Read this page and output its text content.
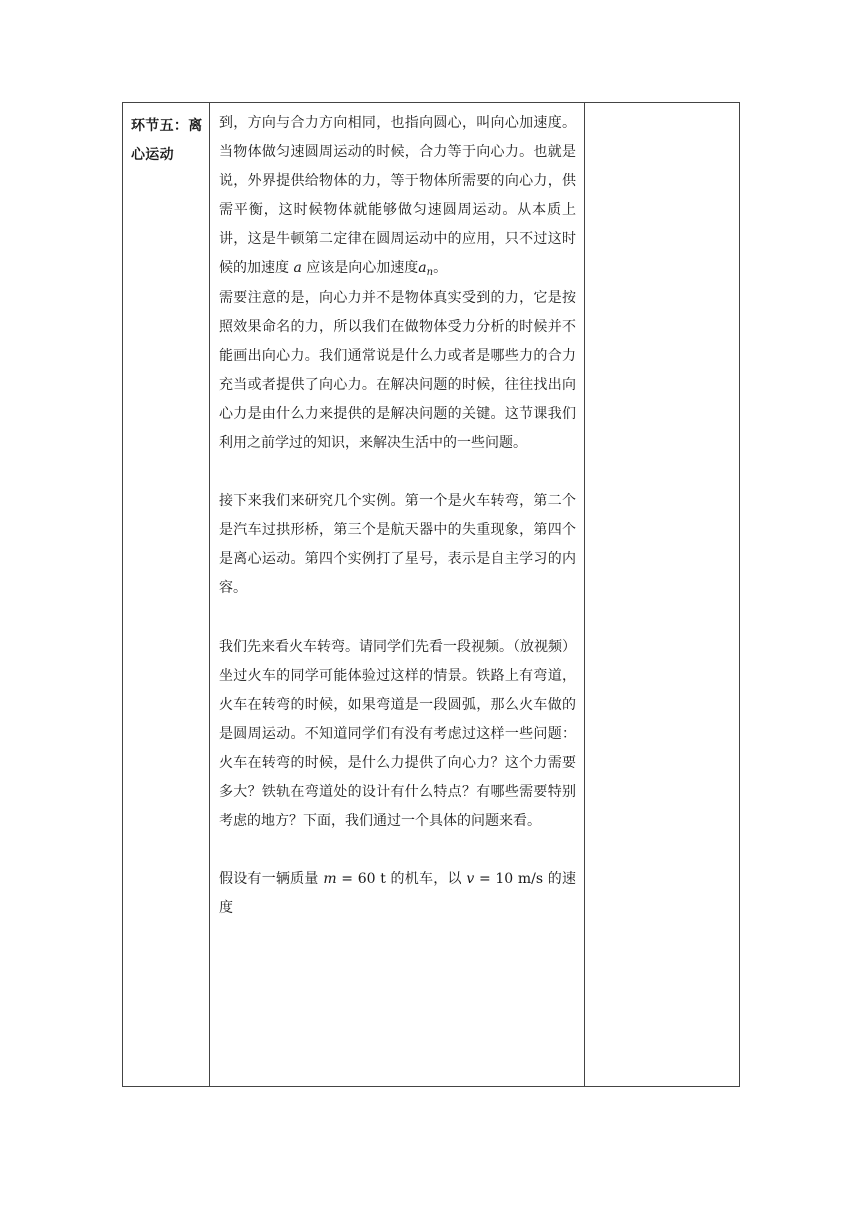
环节五：离心运动

到，方向与合力方向相同，也指向圆心，叫向心加速度。当物体做匀速圆周运动的时候，合力等于向心力。也就是说，外界提供给物体的力，等于物体所需要的向心力，供需平衡，这时候物体就能够做匀速圆周运动。从本质上讲，这是牛顿第二定律在圆周运动中的应用，只不过这时候的加速度 a 应该是向心加速度$a_n$。

需要注意的是，向心力并不是物体真实受到的力，它是按照效果命名的力，所以我们在做物体受力分析的时候并不能画出向心力。我们通常说是什么力或者是哪些力的合力充当或者提供了向心力。在解决问题的时候，往往找出向心力是由什么力来提供的是解决问题的关键。这节课我们利用之前学过的知识，来解决生活中的一些问题。

接下来我们来研究几个实例。第一个是火车转弯，第二个是汽车过拱形桥，第三个是航天器中的失重现象，第四个是离心运动。第四个实例打了星号，表示是自主学习的内容。

我们先来看火车转弯。请同学们先看一段视频。（放视频）坐过火车的同学可能体验过这样的情景。铁路上有弯道，火车在转弯的时候，如果弯道是一段圆弧，那么火车做的是圆周运动。不知道同学们有没有考虑过这样一些问题：火车在转弯的时候，是什么力提供了向心力？这个力需要多大？铁轨在弯道处的设计有什么特点？有哪些需要特别考虑的地方？下面，我们通过一个具体的问题来看。

假设有一辆质量 m = 60 t 的机车，以 v = 10 m/s 的速度
